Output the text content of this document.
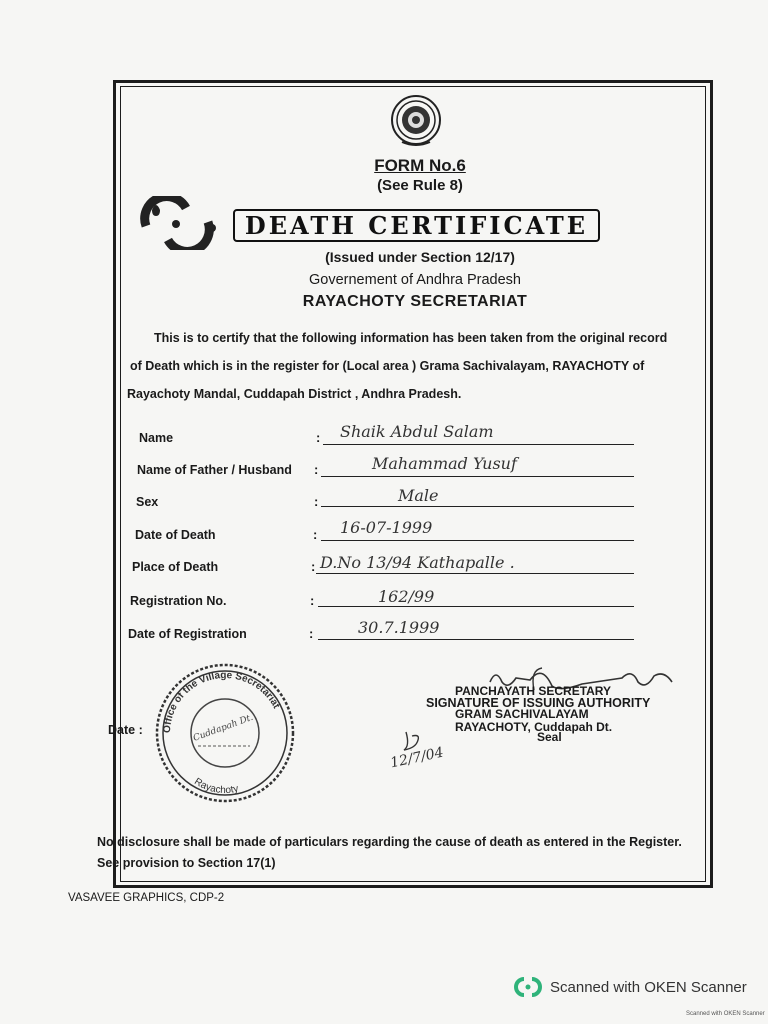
FORM No.6
(See Rule 8)
DEATH CERTIFICATE
(Issued under Section 12/17)
Governement of Andhra Pradesh
RAYACHOTY SECRETARIAT
This is to certify that the following information has been taken from the original record
of Death which is in the register for (Local area ) Grama Sachivalayam, RAYACHOTY of
Rayachoty Mandal, Cuddapah District , Andhra Pradesh.
Name	: Shaik Abdul Salam
Name of Father / Husband :	Mahammad Yusuf
Sex	:	Male
Date of Death	: 16-07-1999
Place of Death	: D.No 13/94 Kathapalle .
Registration No.	:	162/99
Date of Registration	:	30.7.1999
Date : Office of the Village Secretariat
Rayachoty
Cuddapah Dt.
12/7/04
PANCHAYATH SECRETARY
SIGNATURE OF ISSUING AUTHORITY
GRAM SACHIVALAYAM
RAYACHOTY, Cuddapah Dt.
Seal
No disclosure shall be made of particulars regarding the cause of death as entered in the Register.
See provision to Section 17(1)
VASAVEE GRAPHICS, CDP-2
Scanned with OKEN Scanner
Scanned with OKEN Scanner
